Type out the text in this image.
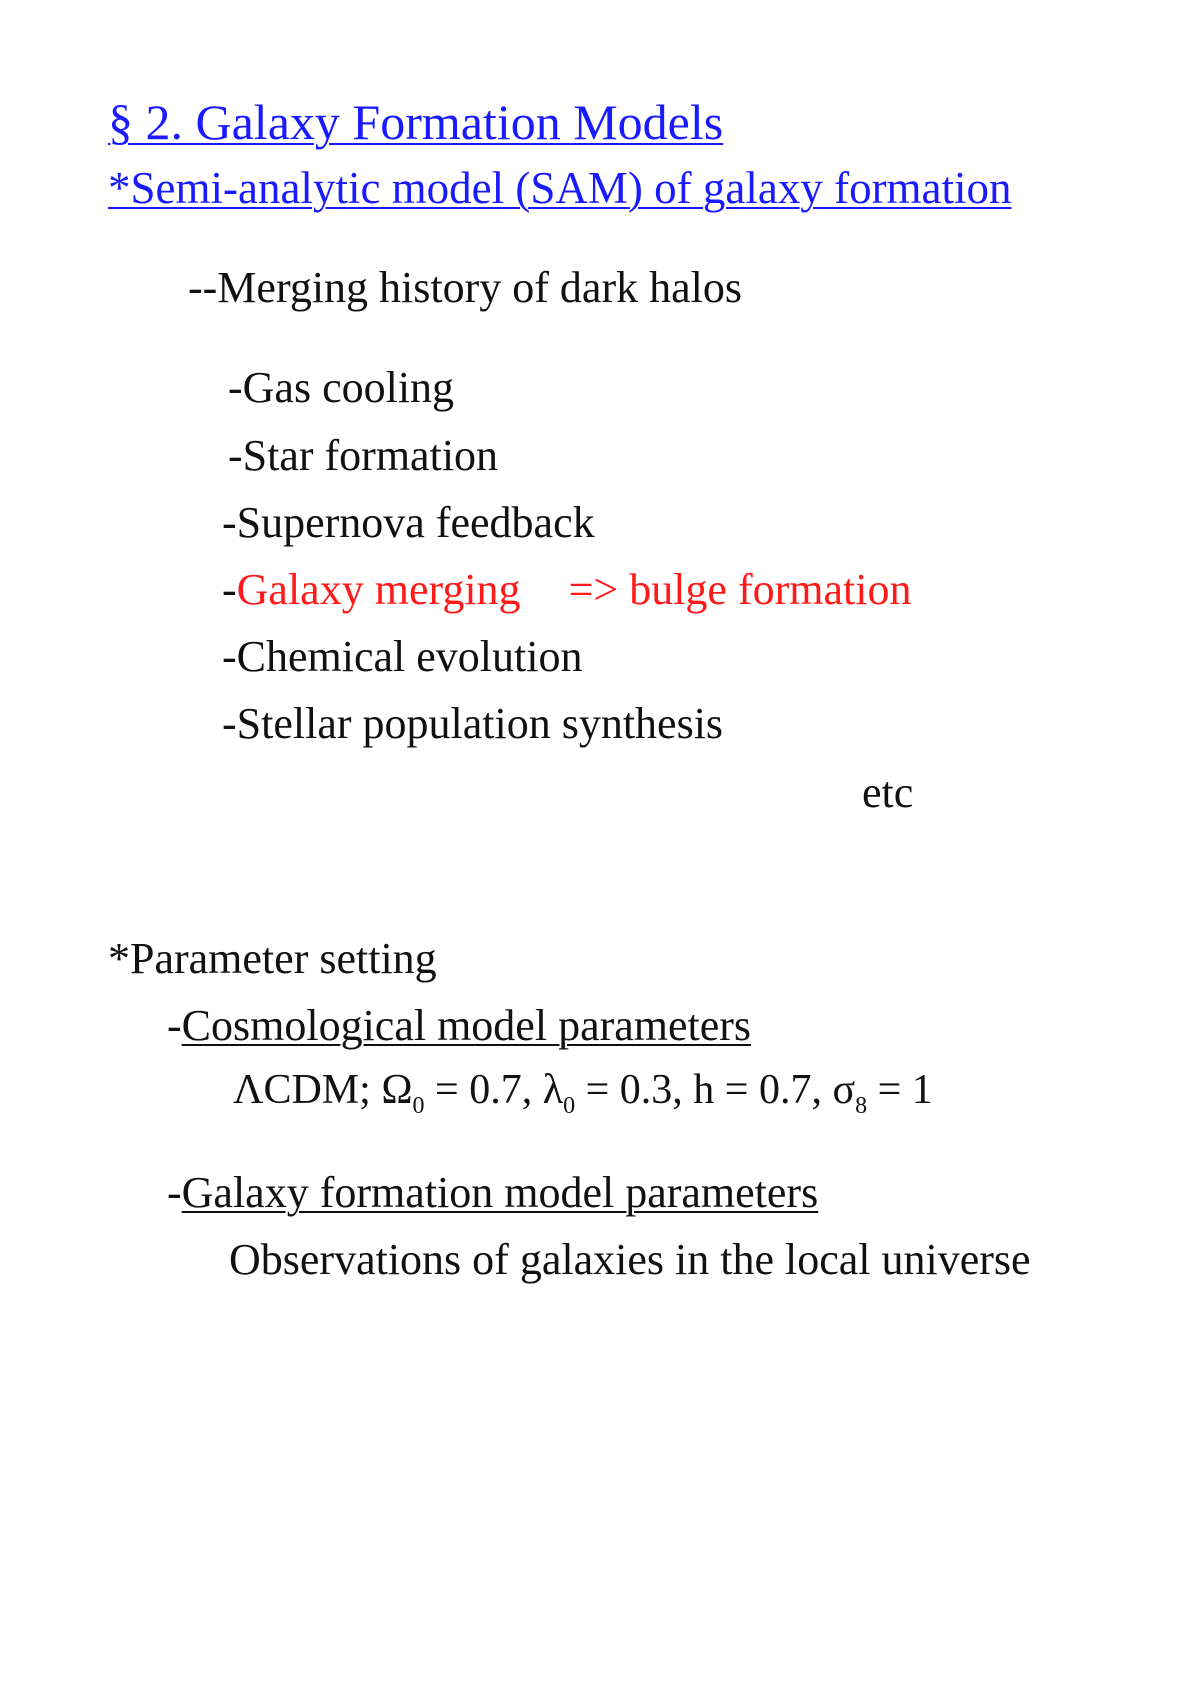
§ 2. Galaxy Formation Models
*Semi-analytic model (SAM) of galaxy formation
--Merging history of dark halos
-Gas cooling
-Star formation
-Supernova feedback
-Galaxy merging => bulge formation
-Chemical evolution
-Stellar population synthesis
etc
*Parameter setting
-Cosmological model parameters
ΛCDM; $\Omega_0 = 0.7$, $\lambda_0 = 0.3$, h = 0.7, $\sigma_8 = 1$
-Galaxy formation model parameters
Observations of galaxies in the local universe
